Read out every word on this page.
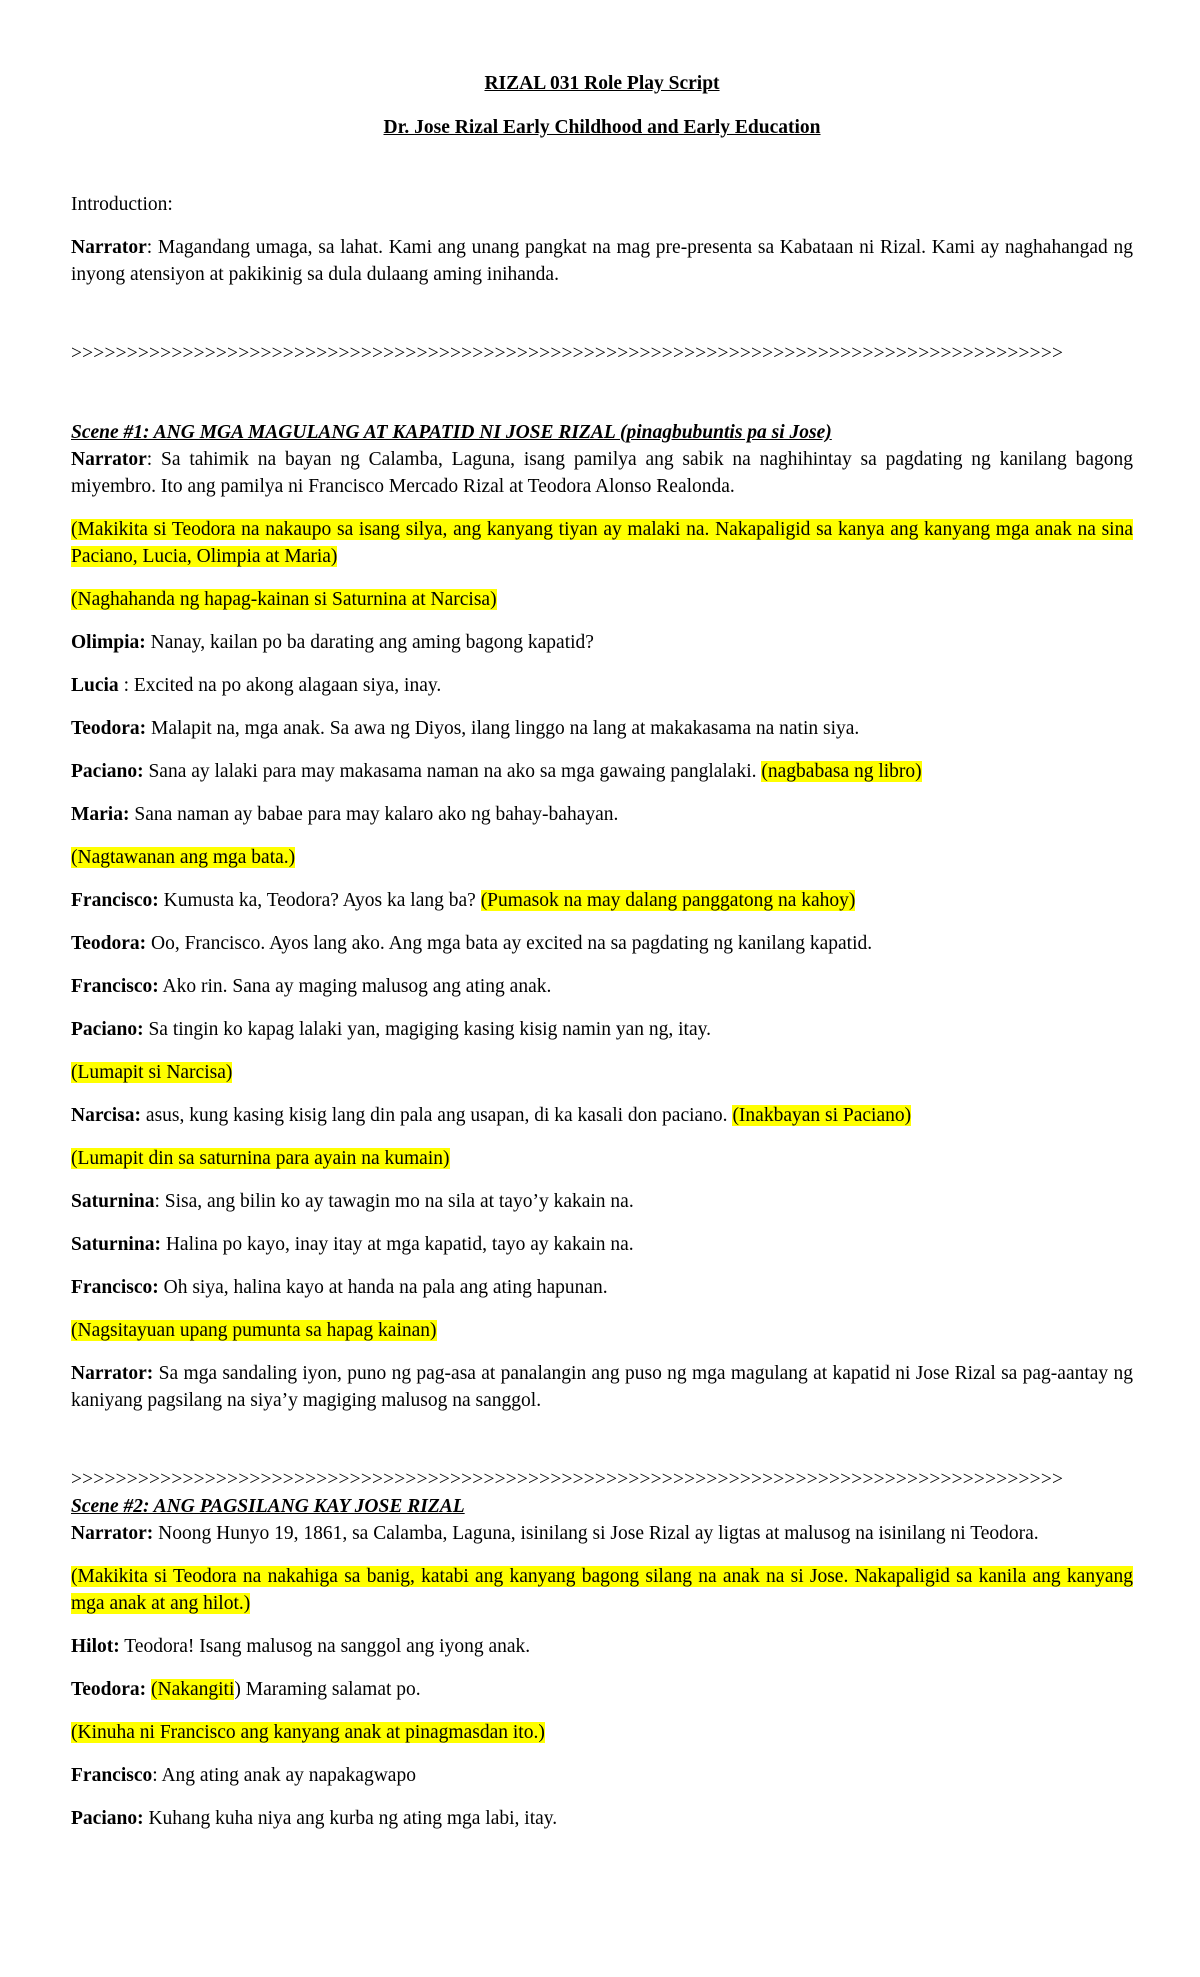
RIZAL 031 Role Play Script

Dr. Jose Rizal Early Childhood and Early Education

Introduction:

Narrator: Magandang umaga, sa lahat. Kami ang unang pangkat na mag pre-presenta sa Kabataan ni Rizal. Kami ay naghahangad ng inyong atensiyon at pakikinig sa dula dulaang aming inihanda.

>>>>>>>>>>>>>>>>>>>>>>>>>>>>>>>>>>>>>>>>>>>>>>>>>>>>>>>>>>>>>>>>>>>>>>>>>>>>>>>>>>>>>>>>>

Scene #1: ANG MGA MAGULANG AT KAPATID NI JOSE RIZAL (pinagbubuntis pa si Jose)

Narrator: Sa tahimik na bayan ng Calamba, Laguna, isang pamilya ang sabik na naghihintay sa pagdating ng kanilang bagong miyembro. Ito ang pamilya ni Francisco Mercado Rizal at Teodora Alonso Realonda.

(Makikita si Teodora na nakaupo sa isang silya, ang kanyang tiyan ay malaki na. Nakapaligid sa kanya ang kanyang mga anak na sina Paciano, Lucia, Olimpia at Maria)

(Naghahanda ng hapag-kainan si Saturnina at Narcisa)

Olimpia: Nanay, kailan po ba darating ang aming bagong kapatid?

Lucia : Excited na po akong alagaan siya, inay.

Teodora: Malapit na, mga anak. Sa awa ng Diyos, ilang linggo na lang at makakasama na natin siya.

Paciano: Sana ay lalaki para may makasama naman na ako sa mga gawaing panglalaki. (nagbabasa ng libro)

Maria: Sana naman ay babae para may kalaro ako ng bahay-bahayan.

(Nagtawanan ang mga bata.)

Francisco: Kumusta ka, Teodora? Ayos ka lang ba? (Pumasok na may dalang panggatong na kahoy)

Teodora: Oo, Francisco. Ayos lang ako. Ang mga bata ay excited na sa pagdating ng kanilang kapatid.

Francisco: Ako rin. Sana ay maging malusog ang ating anak.

Paciano: Sa tingin ko kapag lalaki yan, magiging kasing kisig namin yan ng, itay.

(Lumapit si Narcisa)

Narcisa: asus, kung kasing kisig lang din pala ang usapan, di ka kasali don paciano. (Inakbayan si Paciano)

(Lumapit din sa saturnina para ayain na kumain)

Saturnina: Sisa, ang bilin ko ay tawagin mo na sila at tayo’y kakain na.

Saturnina: Halina po kayo, inay itay at mga kapatid, tayo ay kakain na.

Francisco: Oh siya, halina kayo at handa na pala ang ating hapunan.

(Nagsitayuan upang pumunta sa hapag kainan)

Narrator: Sa mga sandaling iyon, puno ng pag-asa at panalangin ang puso ng mga magulang at kapatid ni Jose Rizal sa pag-aantay ng kaniyang pagsilang na siya’y magiging malusog na sanggol.

>>>>>>>>>>>>>>>>>>>>>>>>>>>>>>>>>>>>>>>>>>>>>>>>>>>>>>>>>>>>>>>>>>>>>>>>>>>>>>>>>>>>>>>>>

Scene #2: ANG PAGSILANG KAY JOSE RIZAL

Narrator: Noong Hunyo 19, 1861, sa Calamba, Laguna, isinilang si Jose Rizal ay ligtas at malusog na isinilang ni Teodora.

(Makikita si Teodora na nakahiga sa banig, katabi ang kanyang bagong silang na anak na si Jose. Nakapaligid sa kanila ang kanyang mga anak at ang hilot.)

Hilot: Teodora! Isang malusog na sanggol ang iyong anak.

Teodora: (Nakangiti) Maraming salamat po.

(Kinuha ni Francisco ang kanyang anak at pinagmasdan ito.)

Francisco: Ang ating anak ay napakagwapo

Paciano: Kuhang kuha niya ang kurba ng ating mga labi, itay.
